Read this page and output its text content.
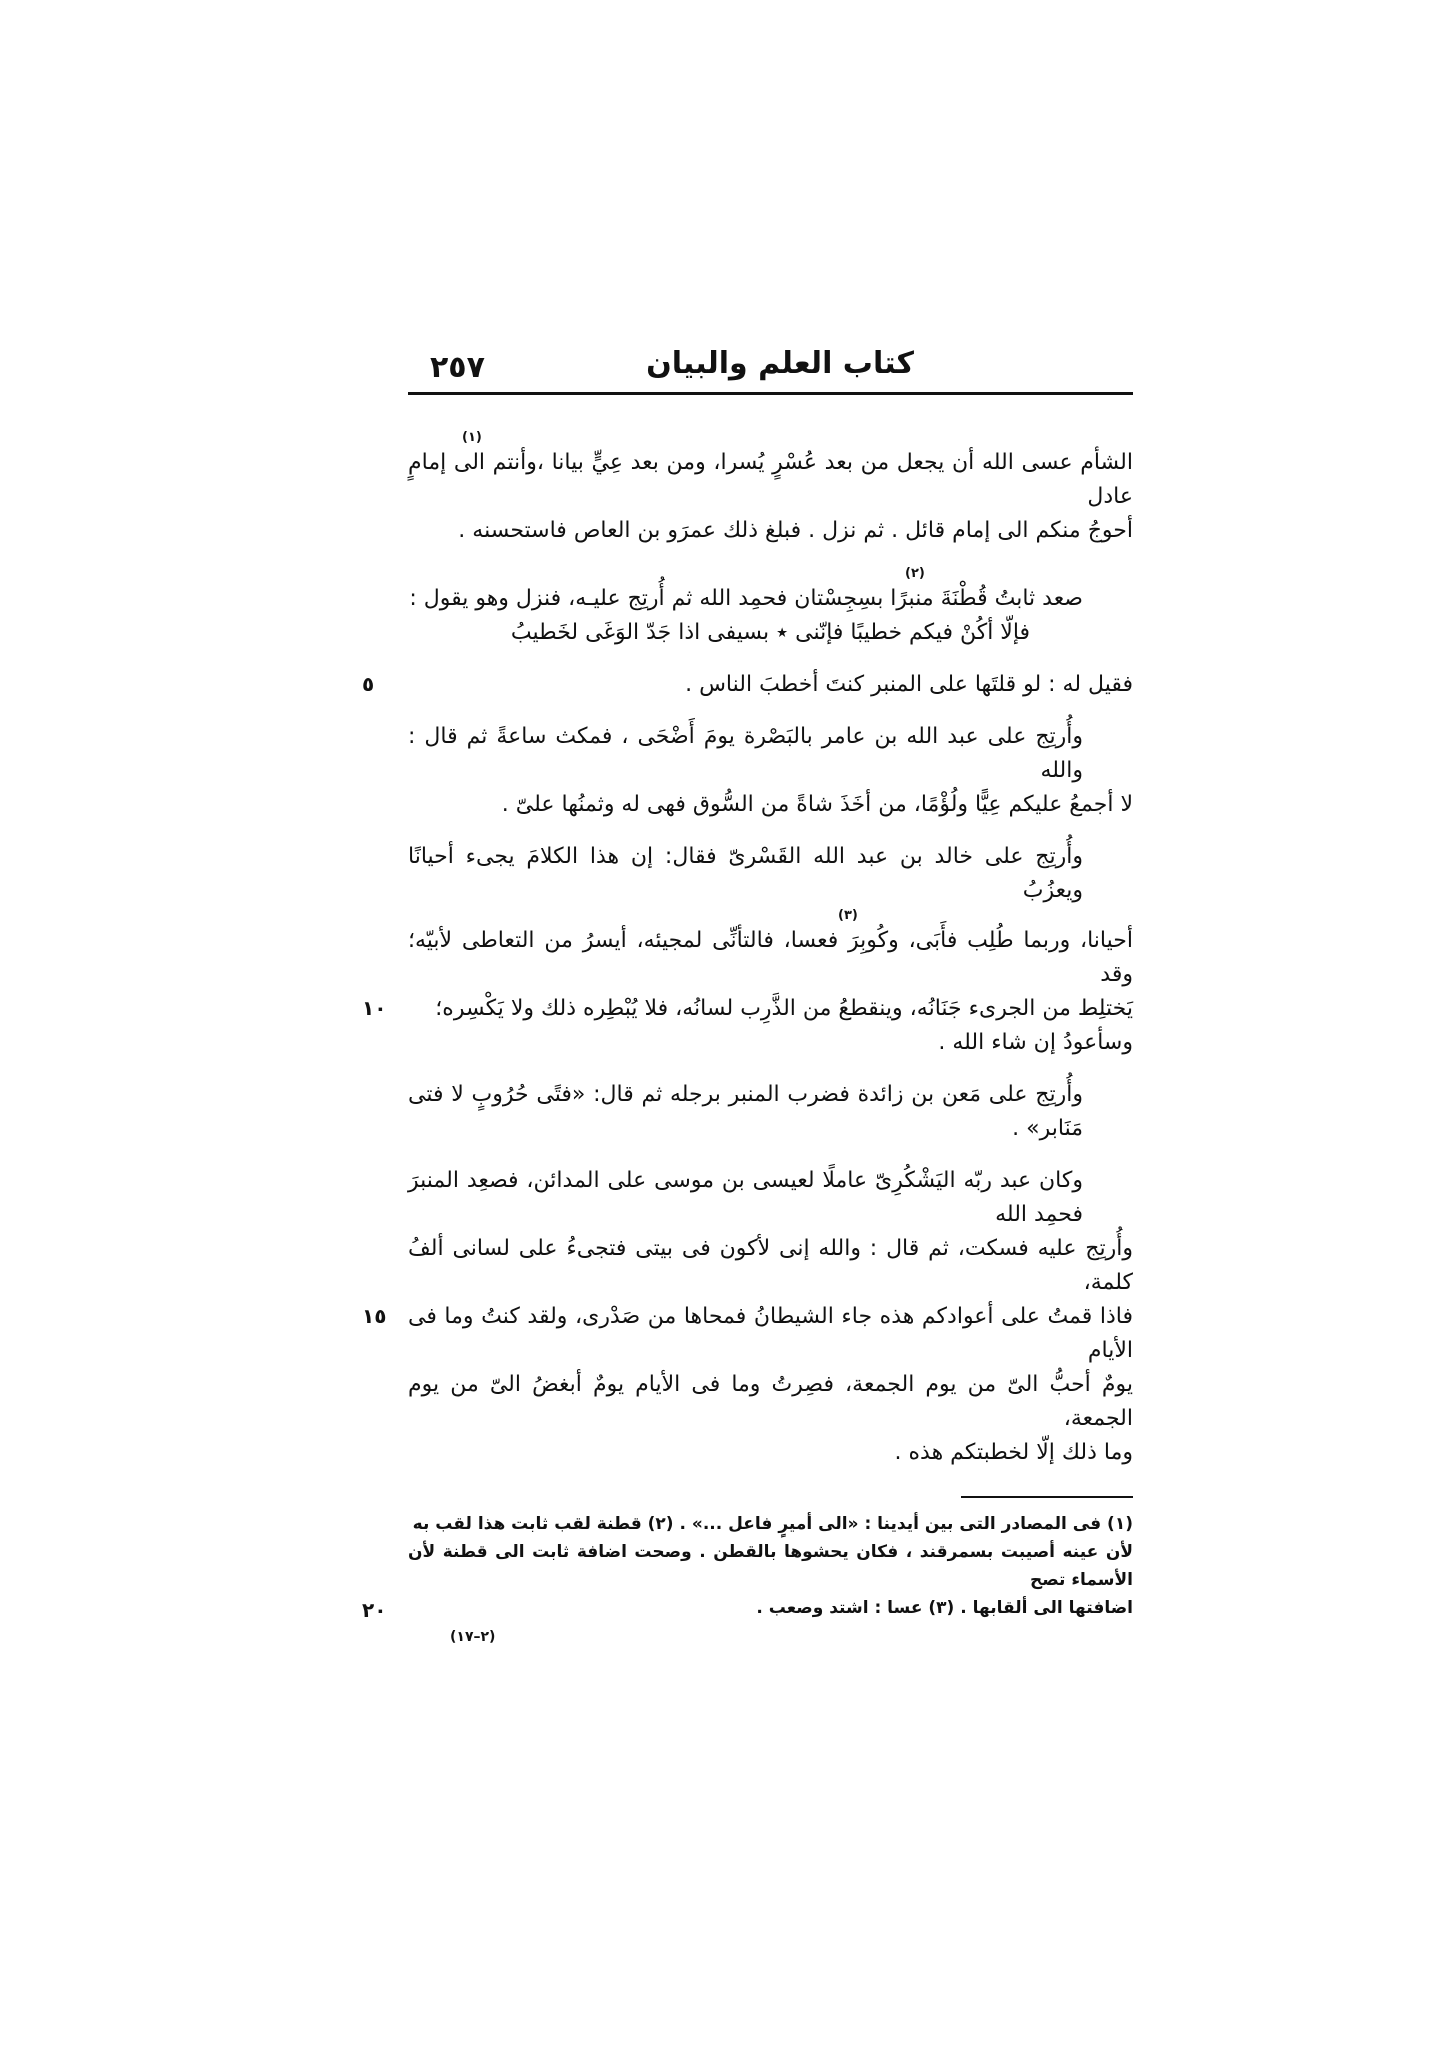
٢٥٧	كتاب العلم والبيان
(١)
الشأم عسى الله أن يجعل من بعد عُسْرٍ يُسرا، ومن بعد عِيٍّ بيانا ،وأنتم الى إمامٍ عادل
أحوجُ منكم الى إمام قائل . ثم نزل . فبلغ ذلك عمرَو بن العاص فاستحسنه .
(٢)
صعد ثابتُ قُطْنَةَ منبرًا بسِجِسْتان فحمِد الله ثم أُرتِج عليـه، فنزل وهو يقول :
فإلّا أكُنْ فيكم خطيبًا فإنّنى ٭ بسيفى اذا جَدّ الوَغَى لخَطيبُ
٥	فقيل له : لو قلتَها على المنبر كنتَ أخطبَ الناس .
وأُرتِج على عبد الله بن عامر بالبَصْرة يومَ أَضْحَى ، فمكث ساعةً ثم قال : والله
لا أجمعُ عليكم عِيًّا ولُؤْمًا، من أخَذَ شاةً من السُّوق فهى له وثمنُها علىّ .
وأُرتِج على خالد بن عبد الله القَسْرىّ فقال: إن هذا الكلامَ يجىء أحيانًا ويعزُبُ
(٣)
أحيانا، وربما طُلِب فأَبَى، وكُوبِرَ فعسا، فالتأنِّى لمجيئه، أيسرُ من التعاطى لأبيّه؛ وقد
١٠	يَختلِط من الجرىء جَنَانُه، وينقطعُ من الذَّرِب لسانُه، فلا يُبْطِره ذلك ولا يَكْسِره؛
وسأعودُ إن شاء الله .
وأُرتِج على مَعن بن زائدة فضرب المنبر برجله ثم قال: «فتًى حُرُوبٍ لا فتى مَنَابر» .
وكان عبد ربّه اليَشْكُرِىّ عاملًا لعيسى بن موسى على المدائن، فصعِد المنبرَ فحمِد الله
وأُرتِج عليه فسكت، ثم قال : والله إنى لأكون فى بيتى فتجىءُ على لسانى ألفُ كلمة،
١٥ فاذا قمتُ على أعوادكم هذه جاء الشيطانُ فمحاها من صَدْرى، ولقد كنتُ وما فى الأيام
يومٌ أحبُّ الىّ من يوم الجمعة، فصِرتُ وما فى الأيام يومٌ أبغضُ الىّ من يوم الجمعة،
وما ذلك إلّا لخطبتكم هذه .
(١) فى المصادر التى بين أيدينا : «الى أميرٍ فاعل ...» . (٢) قطنة لقب ثابت هذا لقب به
لأن عينه أصيبت بسمرقند ، فكان يحشوها بالقطن . وصحت اضافة ثابت الى قطنة لأن الأسماء تصح
٢٠	اضافتها الى ألقابها . (٣) عسا : اشتد وصعب .
(٢–١٧)
